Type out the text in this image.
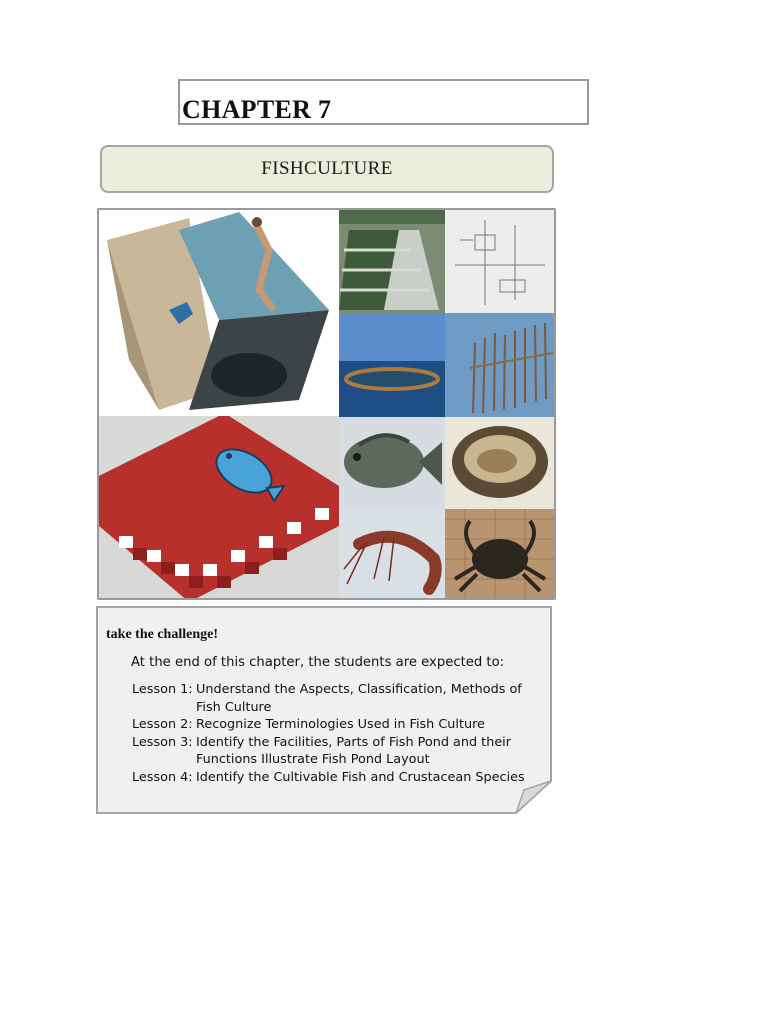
CHAPTER 7
FISHCULTURE
take the challenge!
At the end of this chapter, the students are expected to:
Lesson 1: Understand the Aspects, Classification, Methods of Fish Culture
Lesson 2: Recognize Terminologies Used in Fish Culture
Lesson 3: Identify the Facilities, Parts of Fish Pond and their Functions Illustrate Fish Pond Layout
Lesson 4: Identify the Cultivable Fish and Crustacean Species
